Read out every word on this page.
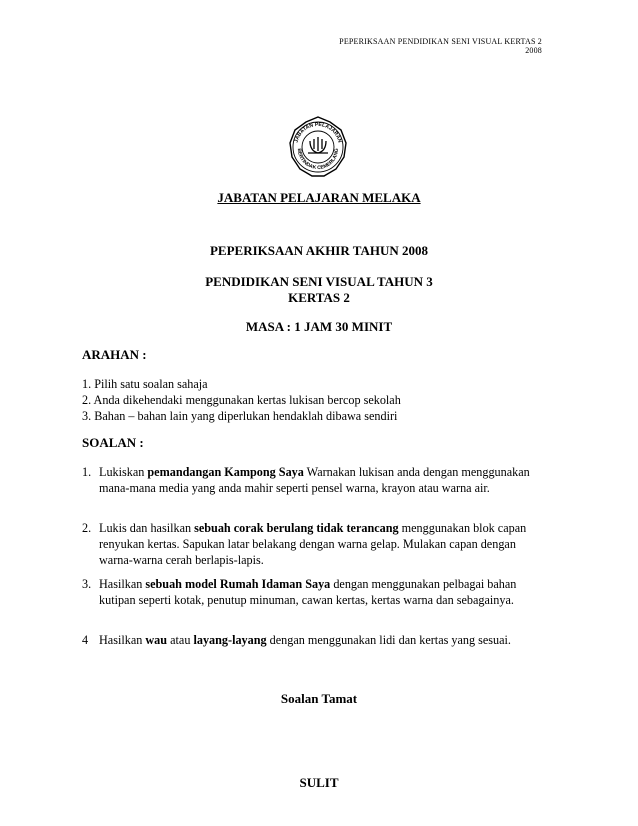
PEPERIKSAAN PENDIDIKAN SENI VISUAL KERTAS 2
2008
JABATAN PELAJARAN
BERTINDAK CEMERLANG
JABATAN PELAJARAN MELAKA
PEPERIKSAAN AKHIR TAHUN 2008
PENDIDIKAN SENI VISUAL TAHUN 3
KERTAS 2
MASA : 1 JAM 30 MINIT
ARAHAN :
1. Pilih satu soalan sahaja
2. Anda dikehendaki menggunakan kertas lukisan bercop sekolah
3. Bahan – bahan lain yang diperlukan hendaklah dibawa sendiri
SOALAN :
1. Lukiskan pemandangan Kampong Saya Warnakan lukisan anda dengan menggunakan mana-mana media yang anda mahir seperti pensel warna, krayon atau warna air.
2. Lukis dan hasilkan sebuah corak berulang tidak terancang menggunakan blok capan renyukan kertas. Sapukan latar belakang dengan warna gelap. Mulakan capan dengan warna-warna cerah berlapis-lapis.
3. Hasilkan sebuah model Rumah Idaman Saya dengan menggunakan pelbagai bahan kutipan seperti kotak, penutup minuman, cawan kertas, kertas warna dan sebagainya.
4 Hasilkan wau atau layang-layang dengan menggunakan lidi dan kertas yang sesuai.
Soalan Tamat
SULIT
